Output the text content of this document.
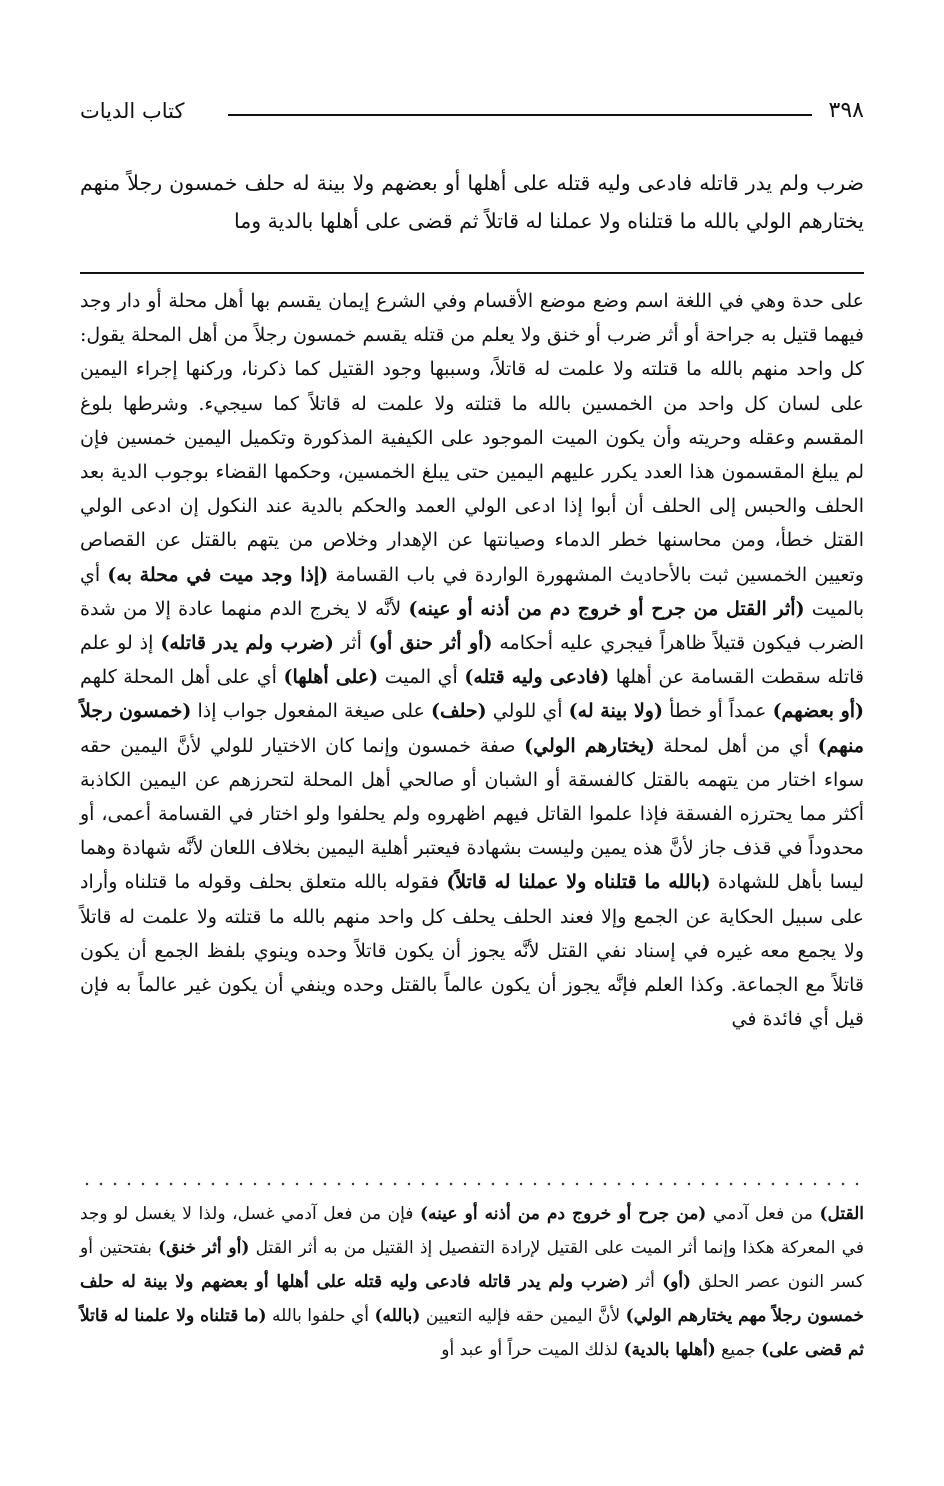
٣٩٨
كتاب الديات

ضرب ولم يدر قاتله فادعى وليه قتله على أهلها أو بعضهم ولا بينة له حلف خمسون رجلاً منهم يختارهم الولي بالله ما قتلناه ولا عملنا له قاتلاً ثم قضى على أهلها بالدية وما

على حدة وهي في اللغة اسم وضع موضع الأقسام وفي الشرع إيمان يقسم بها أهل محلة أو دار وجد فيهما قتيل به جراحة أو أثر ضرب أو خنق ولا يعلم من قتله يقسم خمسون رجلاً من أهل المحلة يقول: كل واحد منهم بالله ما قتلته ولا علمت له قاتلاً، وسببها وجود القتيل كما ذكرنا، وركنها إجراء اليمين على لسان كل واحد من الخمسين بالله ما قتلته ولا علمت له قاتلاً كما سيجيء. وشرطها بلوغ المقسم وعقله وحريته وأن يكون الميت الموجود على الكيفية المذكورة وتكميل اليمين خمسين فإن لم يبلغ المقسمون هذا العدد يكرر عليهم اليمين حتى يبلغ الخمسين، وحكمها القضاء بوجوب الدية بعد الحلف والحبس إلى الحلف أن أبوا إذا ادعى الولي العمد والحكم بالدية عند النكول إن ادعى الولي القتل خطأ، ومن محاسنها خطر الدماء وصيانتها عن الإهدار وخلاص من يتهم بالقتل عن القصاص وتعيين الخمسين ثبت بالأحاديث المشهورة الواردة في باب القسامة (إذا وجد ميت في محلة به) أي بالميت (أثر القتل من جرح أو خروج دم من أذنه أو عينه) لأنَّه لا يخرج الدم منهما عادة إلا من شدة الضرب فيكون قتيلاً ظاهراً فيجري عليه أحكامه (أو أثر حنق أو) أثر (ضرب ولم يدر قاتله) إذ لو علم قاتله سقطت القسامة عن أهلها (فادعى وليه قتله) أي الميت (على أهلها) أي على أهل المحلة كلهم (أو بعضهم) عمداً أو خطأ (ولا بينة له) أي للولي (حلف) على صيغة المفعول جواب إذا (خمسون رجلاً منهم) أي من أهل لمحلة (يختارهم الولي) صفة خمسون وإنما كان الاختيار للولي لأنَّ اليمين حقه سواء اختار من يتهمه بالقتل كالفسقة أو الشبان أو صالحي أهل المحلة لتحرزهم عن اليمين الكاذبة أكثر مما يحترزه الفسقة فإذا علموا القاتل فيهم اظهروه ولم يحلفوا ولو اختار في القسامة أعمى، أو محدوداً في قذف جاز لأنَّ هذه يمين وليست بشهادة فيعتبر أهلية اليمين بخلاف اللعان لأنَّه شهادة وهما ليسا بأهل للشهادة (بالله ما قتلناه ولا عملنا له قاتلاً) فقوله بالله متعلق بحلف وقوله ما قتلناه وأراد على سبيل الحكاية عن الجمع وإلا فعند الحلف يحلف كل واحد منهم بالله ما قتلته ولا علمت له قاتلاً ولا يجمع معه غيره في إسناد نفي القتل لأنَّه يجوز أن يكون قاتلاً وحده وينوي بلفظ الجمع أن يكون قاتلاً مع الجماعة. وكذا العلم فإنَّه يجوز أن يكون عالماً بالقتل وحده وينفي أن يكون غير عالماً به فإن قيل أي فائدة في

القتل) من فعل آدمي (من جرح أو خروج دم من أذنه أو عينه) فإن من فعل آدمي غسل، ولذا لا يغسل لو وجد في المعركة هكذا وإنما أثر الميت على القتيل لإرادة التفصيل إذ القتيل من به أثر القتل (أو أثر خنق) بفتحتين أو كسر النون عصر الحلق (أو) أثر (ضرب ولم يدر قاتله فادعى وليه قتله على أهلها أو بعضهم ولا بينة له حلف خمسون رجلاً مهم يختارهم الولي) لأنَّ اليمين حقه فإليه التعيين (بالله) أي حلفوا بالله (ما قتلناه ولا علمنا له قاتلاً ثم قضى على) جميع (أهلها بالدية) لذلك الميت حراً أو عبد أو
